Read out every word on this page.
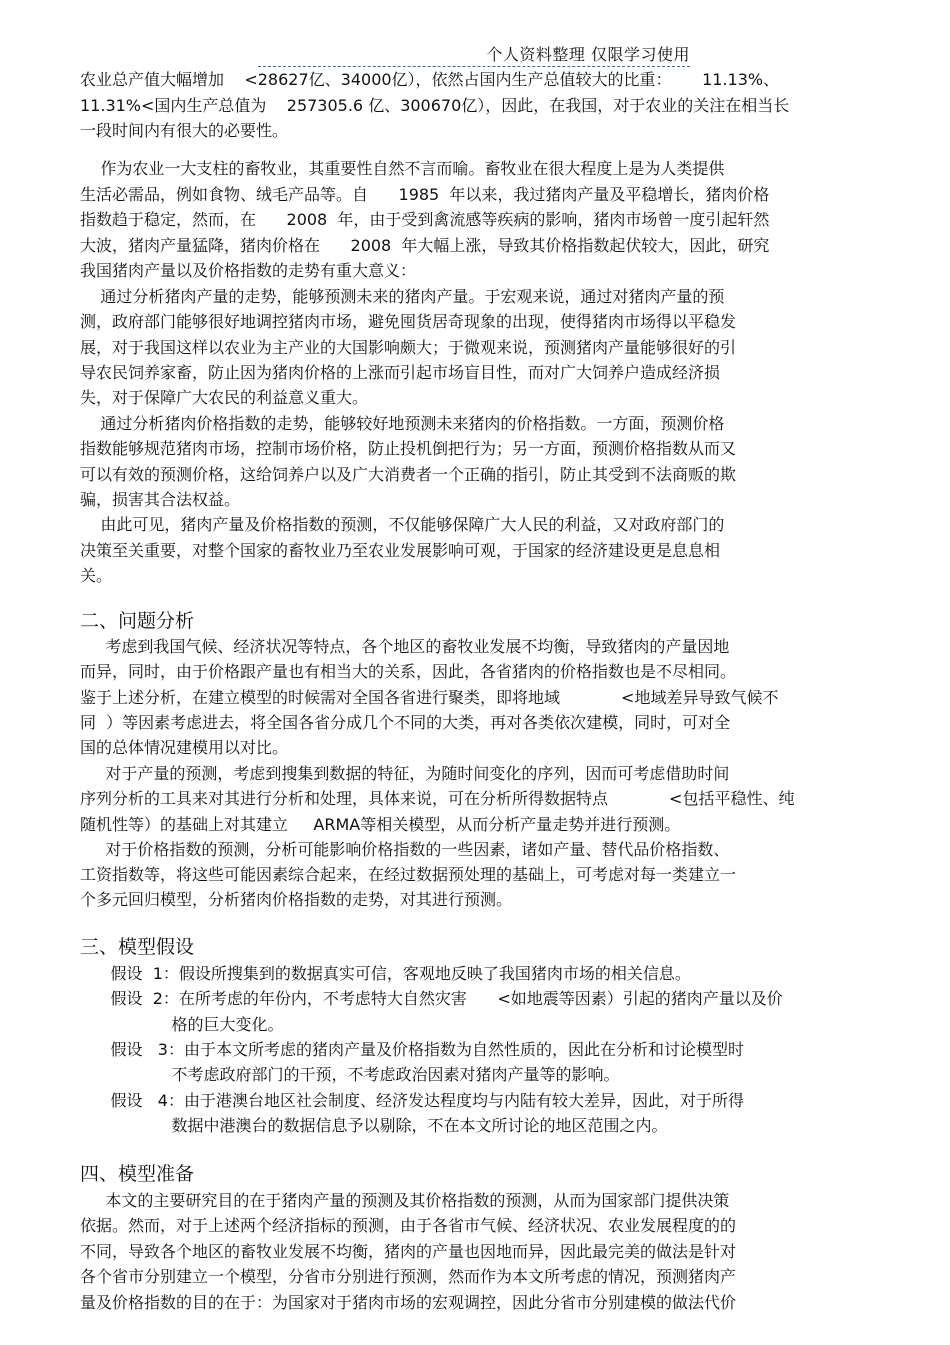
个人资料整理 仅限学习使用
农业总产值大幅增加    <28627亿、34000亿），依然占国内生产总值较大的比重：      11.13%、
11.31%<国内生产总值为    257305.6 亿、300670亿），因此，在我国，对于农业的关注在相当长
一段时间内有很大的必要性。
作为农业一大支柱的畜牧业，其重要性自然不言而喻。畜牧业在很大程度上是为人类提供
生活必需品，例如食物、绒毛产品等。自      1985  年以来，我过猪肉产量及平稳增长，猪肉价格
指数趋于稳定，然而，在      2008  年，由于受到禽流感等疾病的影响，猪肉市场曾一度引起轩然
大波，猪肉产量猛降，猪肉价格在      2008  年大幅上涨，导致其价格指数起伏较大，因此，研究
我国猪肉产量以及价格指数的走势有重大意义：
通过分析猪肉产量的走势，能够预测未来的猪肉产量。于宏观来说，通过对猪肉产量的预
测，政府部门能够很好地调控猪肉市场，避免囤货居奇现象的出现，使得猪肉市场得以平稳发
展，对于我国这样以农业为主产业的大国影响颇大；于微观来说，预测猪肉产量能够很好的引
导农民饲养家畜，防止因为猪肉价格的上涨而引起市场盲目性，而对广大饲养户造成经济损
失，对于保障广大农民的利益意义重大。
通过分析猪肉价格指数的走势，能够较好地预测未来猪肉的价格指数。一方面，预测价格
指数能够规范猪肉市场，控制市场价格，防止投机倒把行为；另一方面，预测价格指数从而又
可以有效的预测价格，这给饲养户以及广大消费者一个正确的指引，防止其受到不法商贩的欺
骗，损害其合法权益。
由此可见，猪肉产量及价格指数的预测，不仅能够保障广大人民的利益，又对政府部门的
决策至关重要，对整个国家的畜牧业乃至农业发展影响可观，于国家的经济建设更是息息相
关。
二、问题分析
考虑到我国气候、经济状况等特点，各个地区的畜牧业发展不均衡，导致猪肉的产量因地
而异，同时，由于价格跟产量也有相当大的关系，因此，各省猪肉的价格指数也是不尽相同。
鉴于上述分析，在建立模型的时候需对全国各省进行聚类，即将地域            <地域差异导致气候不
同  ）等因素考虑进去，将全国各省分成几个不同的大类，再对各类依次建模，同时，可对全
国的总体情况建模用以对比。
对于产量的预测，考虑到搜集到数据的特征，为随时间变化的序列，因而可考虑借助时间
序列分析的工具来对其进行分析和处理，具体来说，可在分析所得数据特点            <包括平稳性、纯
随机性等）的基础上对其建立     ARMA等相关模型，从而分析产量走势并进行预测。
对于价格指数的预测，分析可能影响价格指数的一些因素，诸如产量、替代品价格指数、
工资指数等，将这些可能因素综合起来，在经过数据预处理的基础上，可考虑对每一类建立一
个多元回归模型，分析猪肉价格指数的走势，对其进行预测。
三、模型假设
假设  1：假设所搜集到的数据真实可信，客观地反映了我国猪肉市场的相关信息。
假设  2：在所考虑的年份内，不考虑特大自然灾害      <如地震等因素）引起的猪肉产量以及价
格的巨大变化。
假设   3：由于本文所考虑的猪肉产量及价格指数为自然性质的，因此在分析和讨论模型时
不考虑政府部门的干预，不考虑政治因素对猪肉产量等的影响。
假设   4：由于港澳台地区社会制度、经济发达程度均与内陆有较大差异，因此，对于所得
数据中港澳台的数据信息予以剔除，不在本文所讨论的地区范围之内。
四、模型准备
本文的主要研究目的在于猪肉产量的预测及其价格指数的预测，从而为国家部门提供决策
依据。然而，对于上述两个经济指标的预测，由于各省市气候、经济状况、农业发展程度的的
不同，导致各个地区的畜牧业发展不均衡，猪肉的产量也因地而异，因此最完美的做法是针对
各个省市分别建立一个模型，分省市分别进行预测，然而作为本文所考虑的情况，预测猪肉产
量及价格指数的目的在于：为国家对于猪肉市场的宏观调控，因此分省市分别建模的做法代价
